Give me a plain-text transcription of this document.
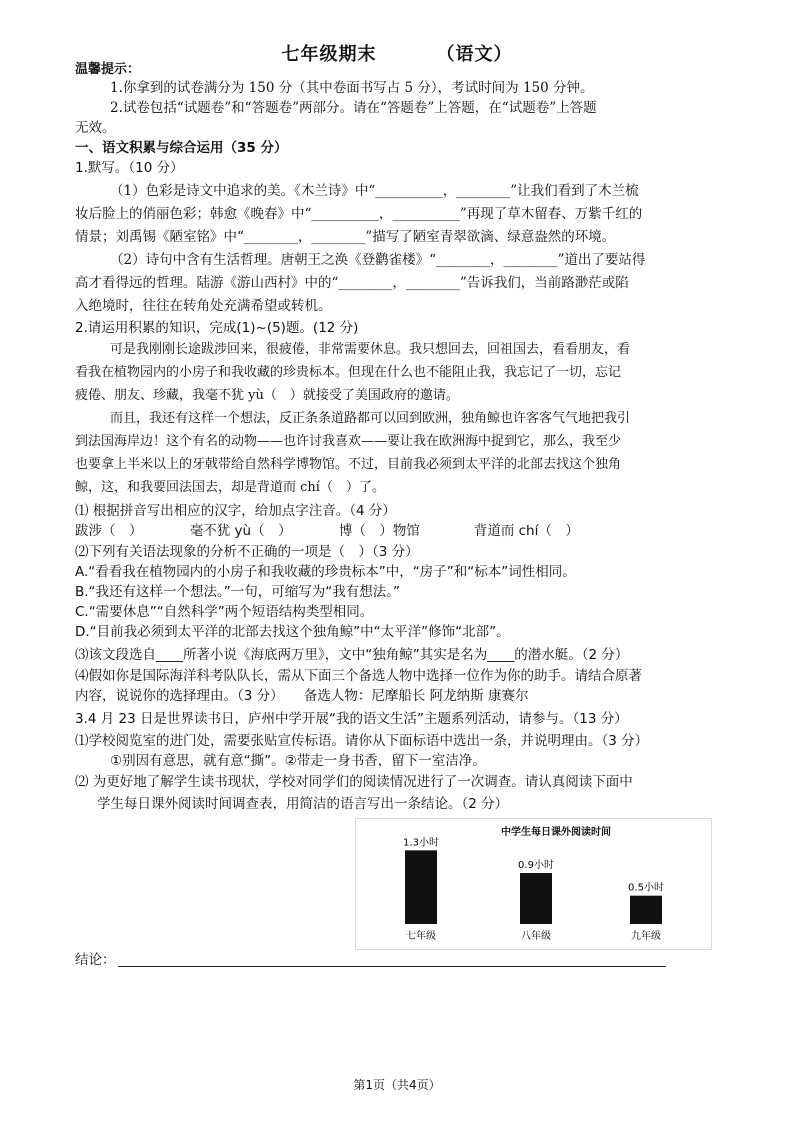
七年级期末	（语文）
温馨提示：
1.你拿到的试卷满分为 150 分（其中卷面书写占 5 分），考试时间为 150 分钟。
2.试卷包括“试题卷”和“答题卷”两部分。请在“答题卷”上答题，在“试题卷”上答题
无效。
一、语文积累与综合运用（35 分）
1.默写。（10 分）
（1）色彩是诗文中追求的美。《木兰诗》中“__________，________”让我们看到了木兰梳
妆后脸上的俏丽色彩；韩愈《晚春》中“__________，__________”再现了草木留春、万紫千红的
情景；刘禹锡《陋室铭》中“________，________”描写了陋室青翠欲滴、绿意盎然的环境。
（2）诗句中含有生活哲理。唐朝王之涣《登鹳雀楼》“________，________”道出了要站得
高才看得远的哲理。陆游《游山西村》中的“________，________”告诉我们，当前路渺茫或陷
入绝境时，往往在转角处充满希望或转机。
2.请运用积累的知识，完成(1)~(5)题。(12 分)
可是我刚刚长途跋涉回来，很疲倦，非常需要休息。我只想回去，回祖国去，看看朋友，看
看我在植物园内的小房子和我收藏的珍贵标本。但现在什么也不能阻止我，我忘记了一切，忘记
疲倦、朋友、珍藏，我毫不犹 yù（　）就接受了美国政府的邀请。
而且，我还有这样一个想法，反正条条道路都可以回到欧洲，独角鲸也许客客气气地把我引
到法国海岸边！这个有名的动物——也许讨我喜欢——要让我在欧洲海中捉到它，那么，我至少
也要拿上半米以上的牙戟带给自然科学博物馆。不过，目前我必须到太平洋的北部去找这个独角
鲸，这，和我要回法国去，却是背道而 chí（　）了。
⑴ 根据拼音写出相应的汉字，给加点字注音。（4 分）
跋涉（　）　　　　毫不犹 yù（　）　　　　博（　）物馆　　　　背道而 chí（　）
⑵下列有关语法现象的分析不正确的一项是（　）（3 分）
A.“看看我在植物园内的小房子和我收藏的珍贵标本”中，“房子”和“标本”词性相同。
B.“我还有这样一个想法。”一句，可缩写为“我有想法。”
C.“需要休息”“自然科学”两个短语结构类型相同。
D.“目前我必须到太平洋的北部去找这个独角鲸”中“太平洋”修饰“北部”。
⑶该文段选自____所著小说《海底两万里》，文中“独角鲸”其实是名为____的潜水艇。（2 分）
⑷假如你是国际海洋科考队队长，需从下面三个备选人物中选择一位作为你的助手。请结合原著
内容，说说你的选择理由。（3 分）　　备选人物：尼摩船长 阿龙纳斯 康赛尔
3.4 月 23 日是世界读书日，庐州中学开展“我的语文生活”主题系列活动，请参与。（13 分）
⑴学校阅览室的进门处，需要张贴宣传标语。请你从下面标语中选出一条，并说明理由。（3 分）
①别因有意思，就有意“撕”。②带走一身书香，留下一室洁净。
⑵ 为更好地了解学生读书现状，学校对同学们的阅读情况进行了一次调查。请认真阅读下面中
学生每日课外阅读时间调查表，用简洁的语言写出一条结论。（2 分）
中学生每日课外阅读时间
1.3小时
七年级
0.9小时
八年级
0.5小时
九年级
结论：
第1页（共4页）
